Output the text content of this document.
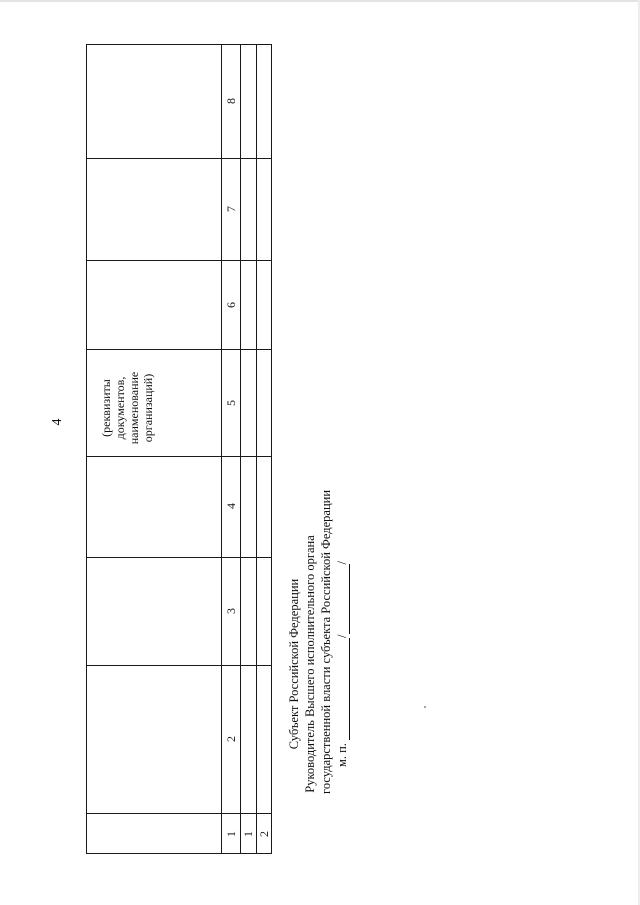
4
8
7
6
5
4
3
2
1 1 2
(реквизиты документов, наименование организаций)
Субъект Российской Федерации Руководитель Высшего исполнительного органа государственной власти субъекта Российской Федерации м. п. //
